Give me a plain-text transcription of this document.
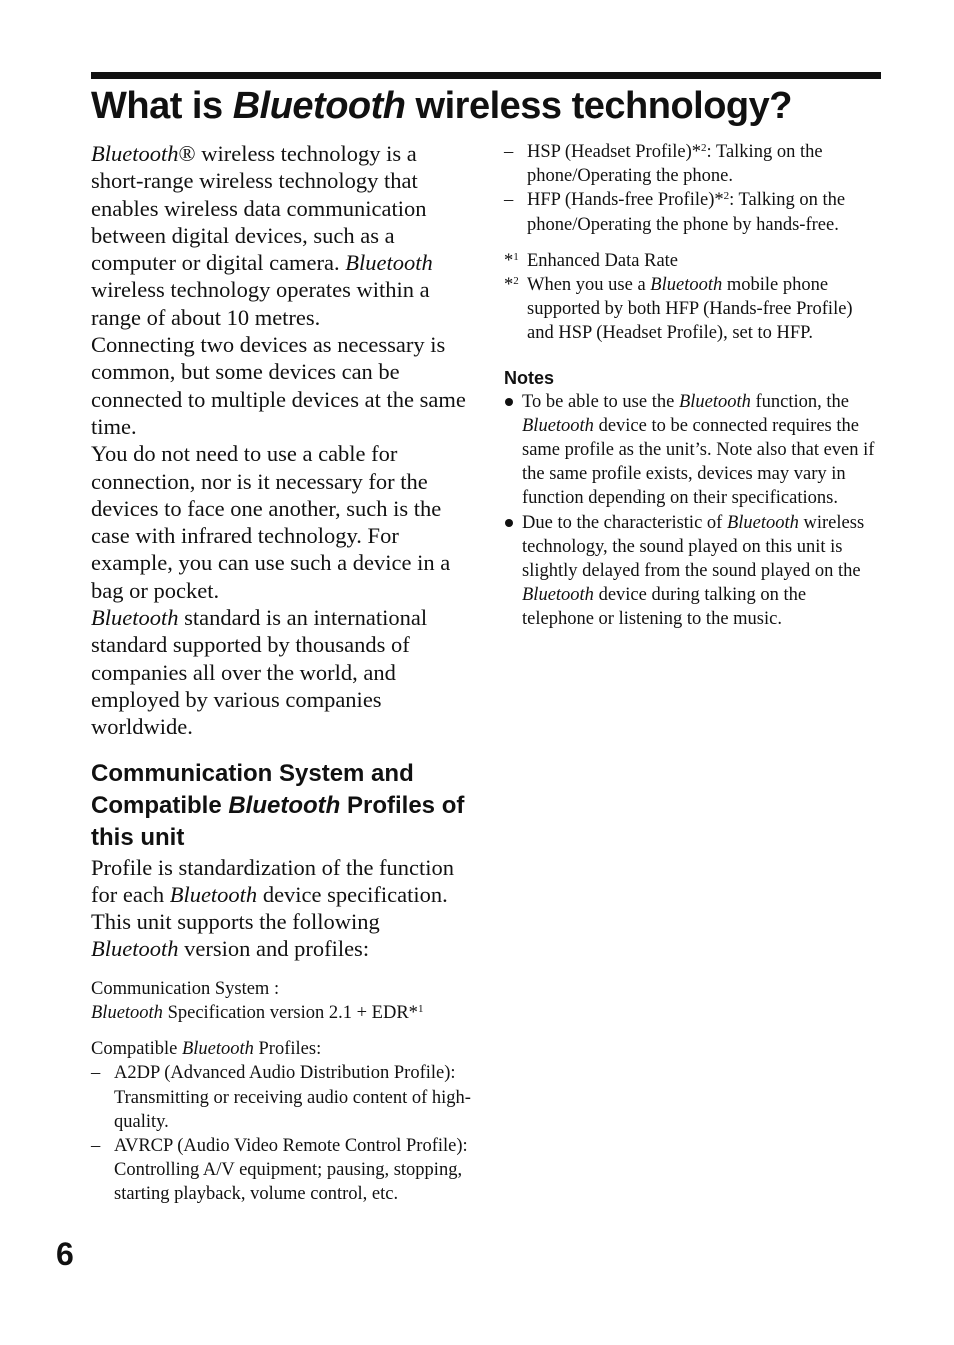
What is Bluetooth wireless technology?

Bluetooth® wireless technology is a short-range wireless technology that enables wireless data communication between digital devices, such as a computer or digital camera. Bluetooth wireless technology operates within a range of about 10 metres.

Connecting two devices as necessary is common, but some devices can be connected to multiple devices at the same time.

You do not need to use a cable for connection, nor is it necessary for the devices to face one another, such is the case with infrared technology. For example, you can use such a device in a bag or pocket.

Bluetooth standard is an international standard supported by thousands of companies all over the world, and employed by various companies worldwide.

Communication System and Compatible Bluetooth Profiles of this unit

Profile is standardization of the function for each Bluetooth device specification. This unit supports the following Bluetooth version and profiles:

Communication System :

Bluetooth Specification version 2.1 + EDR*$^1$

Compatible Bluetooth Profiles:

– A2DP (Advanced Audio Distribution Profile): Transmitting or receiving audio content of high-quality.
– AVRCP (Audio Video Remote Control Profile): Controlling A/V equipment; pausing, stopping, starting playback, volume control, etc.
– HSP (Headset Profile)*$^2$: Talking on the phone/Operating the phone.
– HFP (Hands-free Profile)*$^2$: Talking on the phone/Operating the phone by hands-free.
*$^1$ Enhanced Data Rate
*$^2$ When you use a Bluetooth mobile phone supported by both HFP (Hands-free Profile) and HSP (Headset Profile), set to HFP.
Notes
To be able to use the Bluetooth function, the Bluetooth device to be connected requires the same profile as the unit’s. Note also that even if the same profile exists, devices may vary in function depending on their specifications.
Due to the characteristic of Bluetooth wireless technology, the sound played on this unit is slightly delayed from the sound played on the Bluetooth device during talking on the telephone or listening to the music.
6
